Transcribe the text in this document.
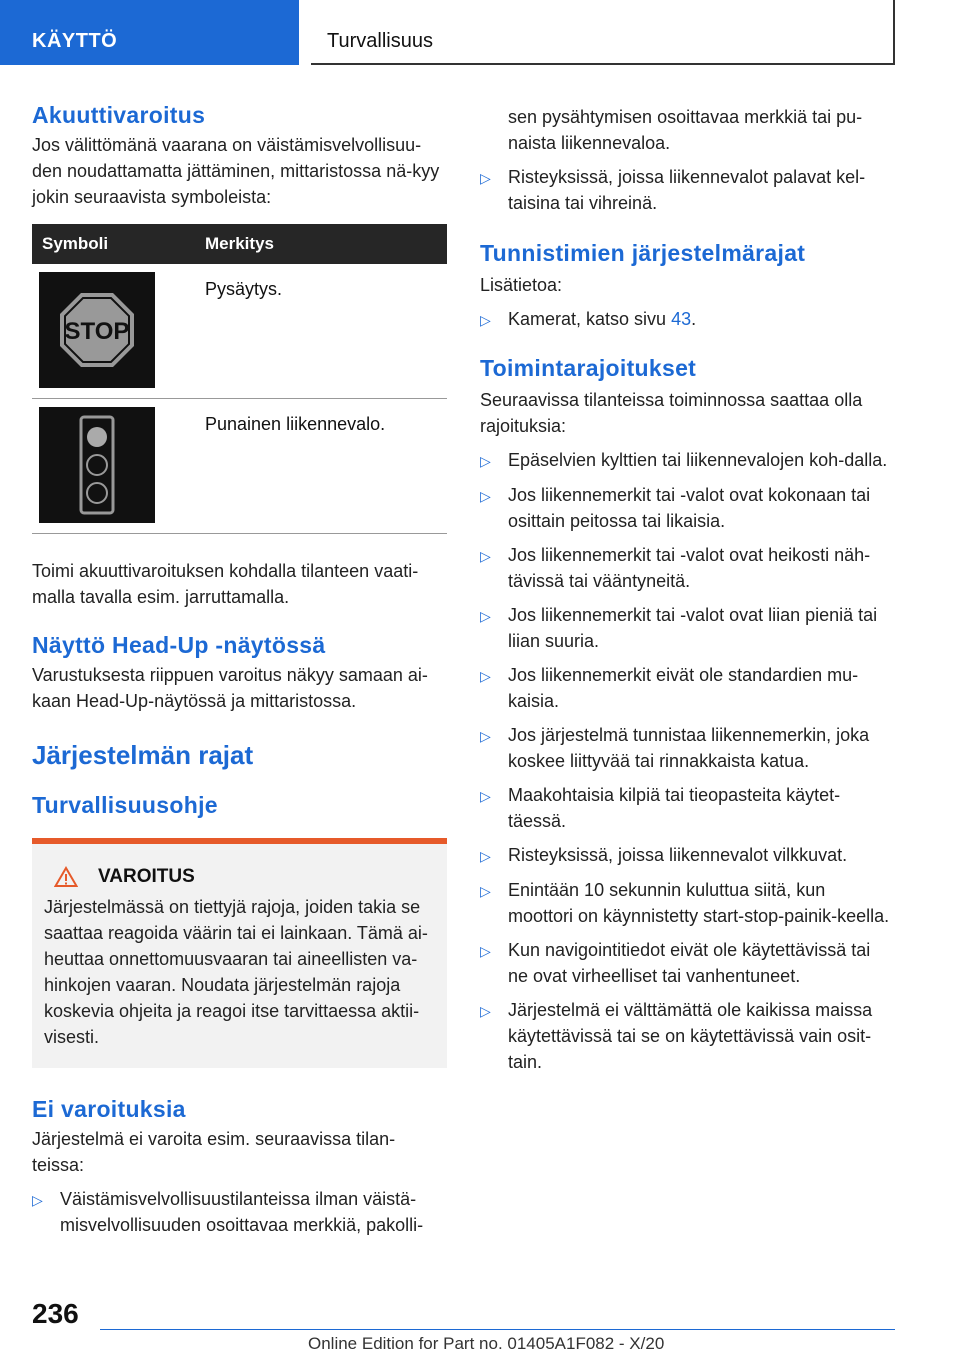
KÄYTTÖ	Turvallisuus
Akuuttivaroitus

Jos välittömänä vaarana on väistämisvelvollisuu-den noudattamatta jättäminen, mittaristossa nä-kyy jokin seuraavista symboleista:

Symboli	Merkitys
STOP
Pysäytys.
Punainen liikennevalo.

Toimi akuuttivaroituksen kohdalla tilanteen vaati-malla tavalla esim. jarruttamalla.

Näyttö Head-Up -näytössä

Varustuksesta riippuen varoitus näkyy samaan ai-kaan Head-Up-näytössä ja mittaristossa.

Järjestelmän rajat
Turvallisuusohje
VAROITUS

Järjestelmässä on tiettyjä rajoja, joiden takia se saattaa reagoida väärin tai ei lainkaan. Tämä ai-heuttaa onnettomuusvaaran tai aineellisten va-hinkojen vaaran. Noudata järjestelmän rajoja koskevia ohjeita ja reagoi itse tarvittaessa aktii-visesti.

Ei varoituksia

Järjestelmä ei varoita esim. seuraavissa tilan-teissa:

▷ Väistämisvelvollisuustilanteissa ilman väistä-misvelvollisuuden osoittavaa merkkiä, pakolli-
sen pysähtymisen osoittavaa merkkiä tai pu-naista liikennevaloa.
▷ Risteyksissä, joissa liikennevalot palavat kel-taisina tai vihreinä.
Tunnistimien järjestelmärajat

Lisätietoa:

▷ Kamerat, katso sivu 43.
Toimintarajoitukset

Seuraavissa tilanteissa toiminnossa saattaa olla rajoituksia:

▷ Epäselvien kylttien tai liikennevalojen koh-dalla.
▷ Jos liikennemerkit tai -valot ovat kokonaan tai osittain peitossa tai likaisia.
▷ Jos liikennemerkit tai -valot ovat heikosti näh-tävissä tai vääntyneitä.
▷ Jos liikennemerkit tai -valot ovat liian pieniä tai liian suuria.
▷ Jos liikennemerkit eivät ole standardien mu-kaisia.
▷ Jos järjestelmä tunnistaa liikennemerkin, joka koskee liittyvää tai rinnakkaista katua.
▷ Maakohtaisia kilpiä tai tieopasteita käytet-täessä.
▷ Risteyksissä, joissa liikennevalot vilkkuvat.
▷ Enintään 10 sekunnin kuluttua siitä, kun moottori on käynnistetty start-stop-painik-keella.
▷ Kun navigointitiedot eivät ole käytettävissä tai ne ovat virheelliset tai vanhentuneet.
▷ Järjestelmä ei välttämättä ole kaikissa maissa käytettävissä tai se on käytettävissä vain osit-tain.
236
Online Edition for Part no. 01405A1F082 - X/20
